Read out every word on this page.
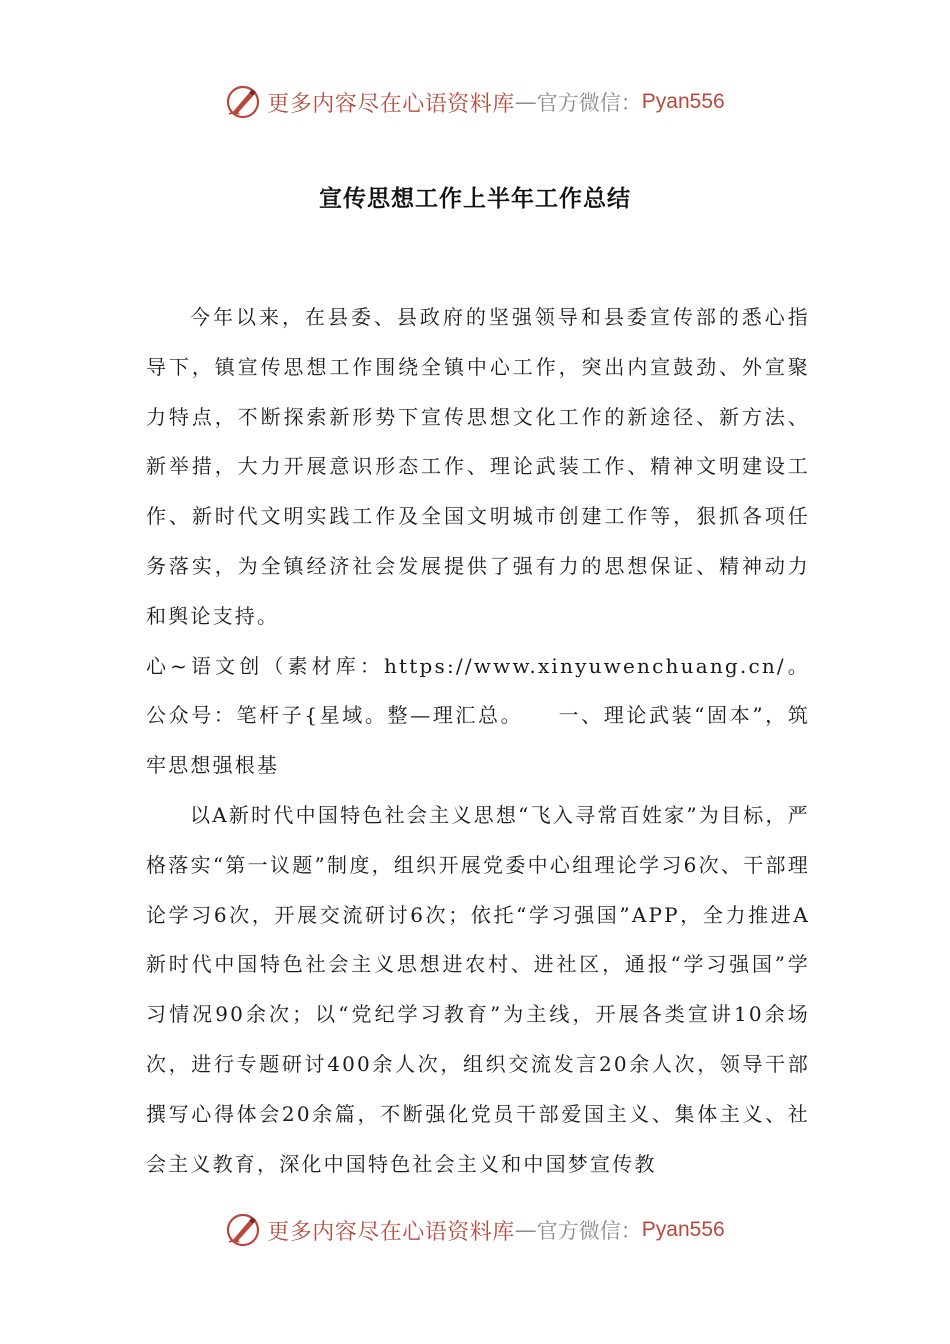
更多内容尽在心语资料库 — 官方微信： Pyan556
宣传思想工作上半年工作总结

今年以来，在县委、县政府的坚强领导和县委宣传部的悉心指导下，镇宣传思想工作围绕全镇中心工作，突出内宣鼓劲、外宣聚力特点，不断探索新形势下宣传思想文化工作的新途径、新方法、新举措，大力开展意识形态工作、理论武装工作、精神文明建设工作、新时代文明实践工作及全国文明城市创建工作等，狠抓各项任务落实，为全镇经济社会发展提供了强有力的思想保证、精神动力和舆论支持。

心~语文创（素材库：https://www.xinyuwenchuang.cn/。公众号：笔杆子{星域。整—理汇总。　　一、理论武装“固本”，筑牢思想强根基

以A新时代中国特色社会主义思想“飞入寻常百姓家”为目标，严格落实“第一议题”制度，组织开展党委中心组理论学习6次、干部理论学习6次，开展交流研讨6次；依托“学习强国”APP，全力推进A新时代中国特色社会主义思想进农村、进社区，通报“学习强国”学习情况90余次；以“党纪学习教育”为主线，开展各类宣讲10余场次，进行专题研讨400余人次，组织交流发言20余人次，领导干部撰写心得体会20余篇，不断强化党员干部爱国主义、集体主义、社会主义教育，深化中国特色社会主义和中国梦宣传教

更多内容尽在心语资料库 — 官方微信： Pyan556
